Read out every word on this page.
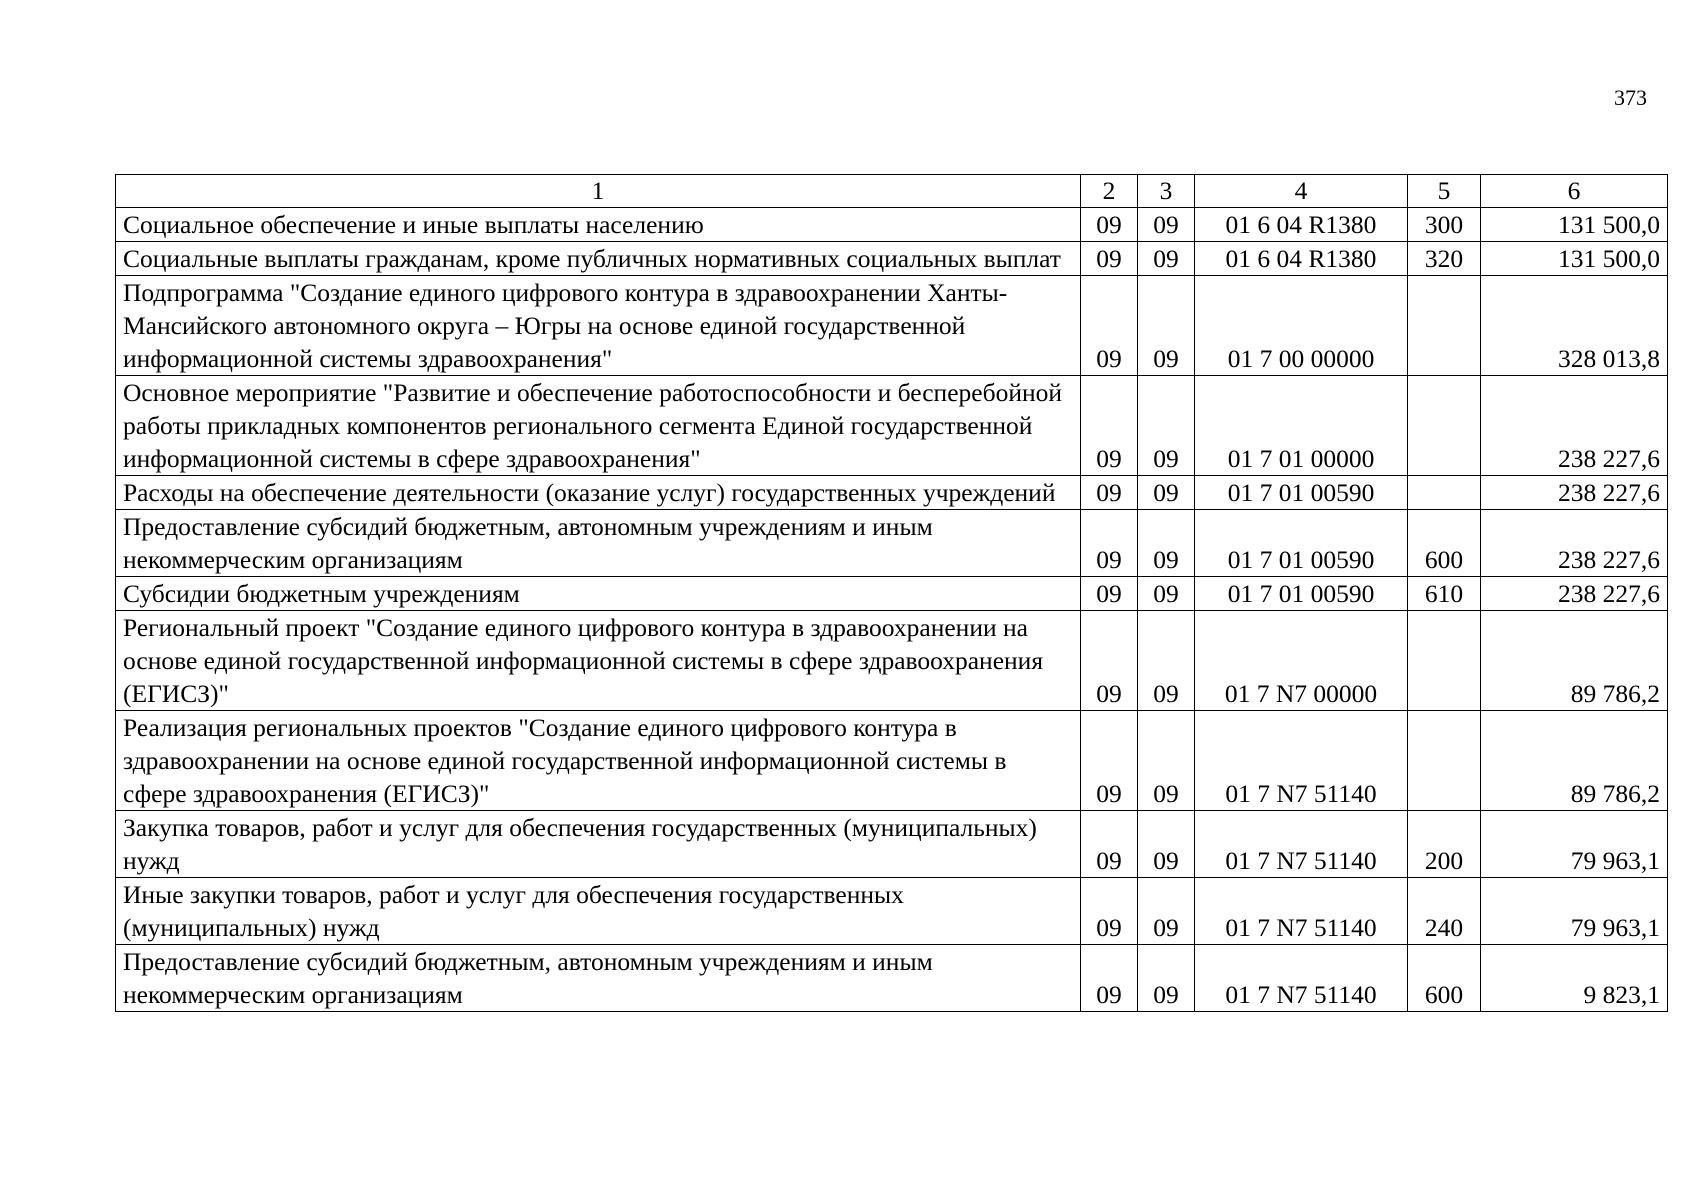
373
1	2	3	4	5	6
Социальное обеспечение и иные выплаты населению	09	09	01 6 04 R1380	300	131 500,0
Социальные выплаты гражданам, кроме публичных нормативных социальных выплат	09	09	01 6 04 R1380	320	131 500,0
Подпрограмма "Создание единого цифрового контура в здравоохранении Ханты-Мансийского автономного округа – Югры на основе единой государственной информационной системы здравоохранения"	09	09	01 7 00 00000		328 013,8
Основное мероприятие "Развитие и обеспечение работоспособности и бесперебойной работы прикладных компонентов регионального сегмента Единой государственной информационной системы в сфере здравоохранения"	09	09	01 7 01 00000		238 227,6
Расходы на обеспечение деятельности (оказание услуг) государственных учреждений	09	09	01 7 01 00590		238 227,6
Предоставление субсидий бюджетным, автономным учреждениям и иным некоммерческим организациям	09	09	01 7 01 00590	600	238 227,6
Субсидии бюджетным учреждениям	09	09	01 7 01 00590	610	238 227,6
Региональный проект "Создание единого цифрового контура в здравоохранении на основе единой государственной информационной системы в сфере здравоохранения (ЕГИСЗ)"	09	09	01 7 N7 00000		89 786,2
Реализация региональных проектов "Создание единого цифрового контура в здравоохранении на основе единой государственной информационной системы в сфере здравоохранения (ЕГИСЗ)"	09	09	01 7 N7 51140		89 786,2
Закупка товаров, работ и услуг для обеспечения государственных (муниципальных) нужд	09	09	01 7 N7 51140	200	79 963,1
Иные закупки товаров, работ и услуг для обеспечения государственных (муниципальных) нужд	09	09	01 7 N7 51140	240	79 963,1
Предоставление субсидий бюджетным, автономным учреждениям и иным некоммерческим организациям	09	09	01 7 N7 51140	600	9 823,1
